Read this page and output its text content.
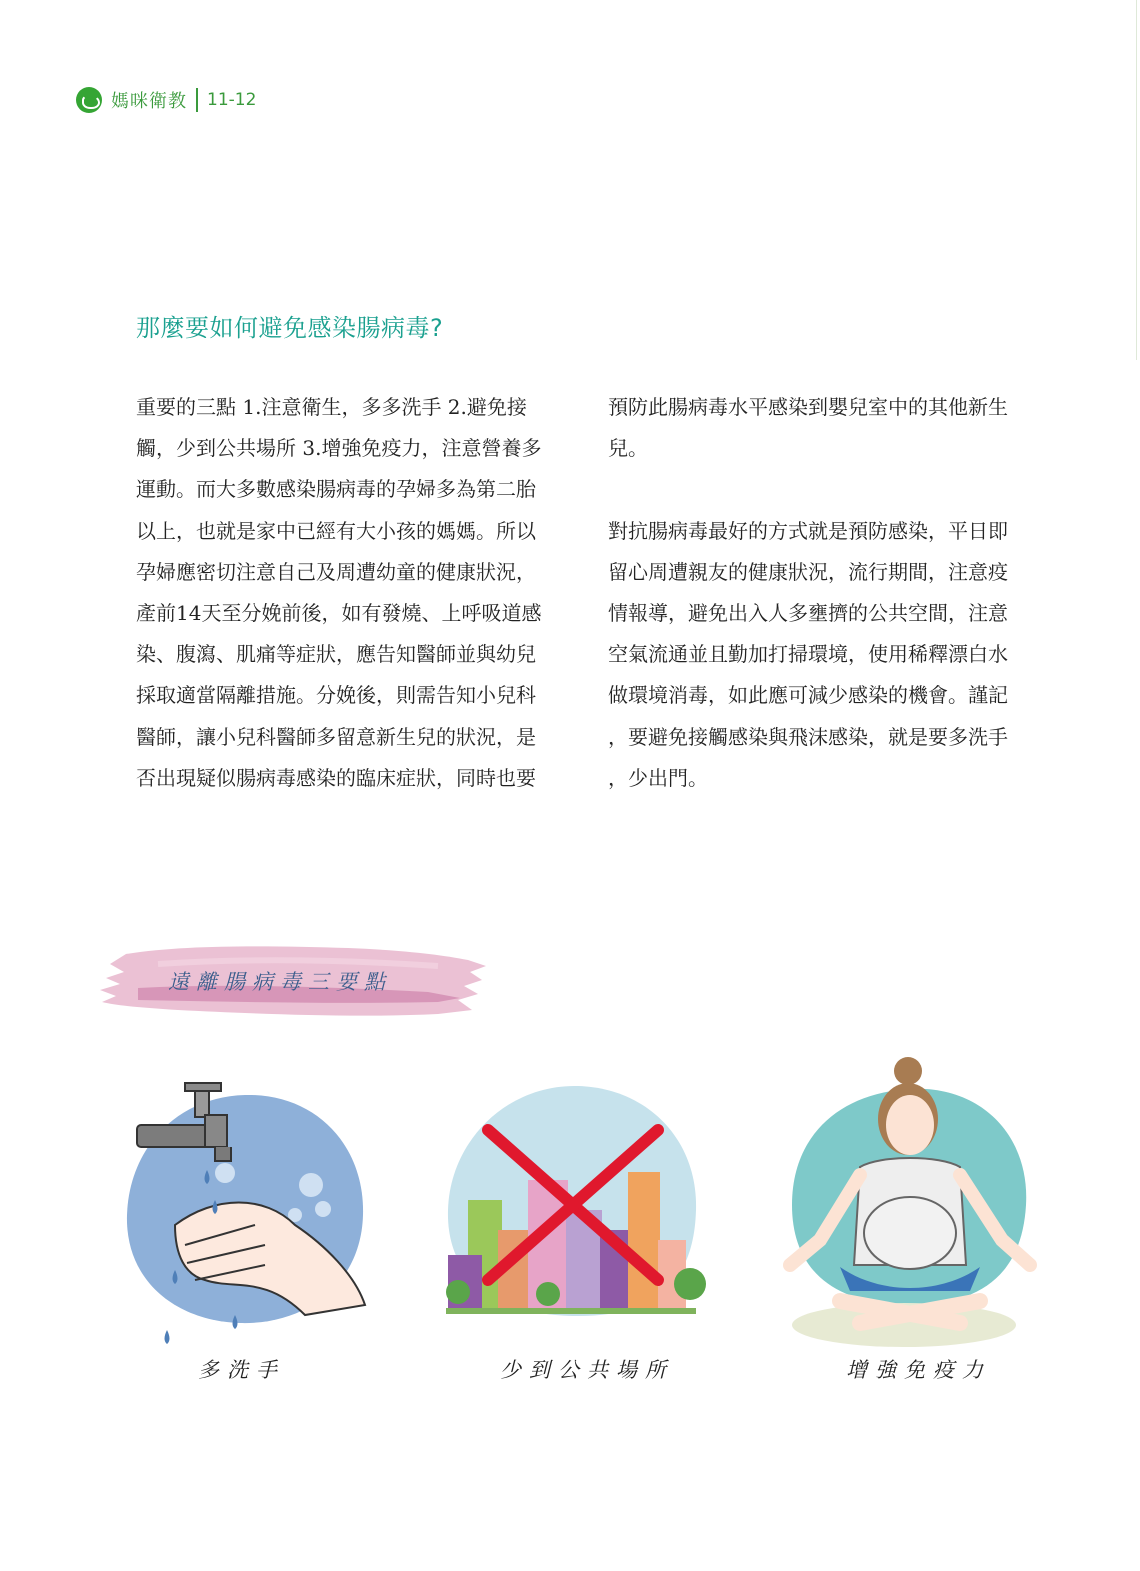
媽咪衛教 11-12
那麼要如何避免感染腸病毒?

重要的三點 1.注意衛生，多多洗手 2.避免接

觸，少到公共場所 3.增強免疫力，注意營養多

運動。而大多數感染腸病毒的孕婦多為第二胎

以上，也就是家中已經有大小孩的媽媽。所以

孕婦應密切注意自己及周遭幼童的健康狀況，

產前14天至分娩前後，如有發燒、上呼吸道感

染、腹瀉、肌痛等症狀，應告知醫師並與幼兒

採取適當隔離措施。分娩後，則需告知小兒科

醫師，讓小兒科醫師多留意新生兒的狀況，是

否出現疑似腸病毒感染的臨床症狀，同時也要

預防此腸病毒水平感染到嬰兒室中的其他新生

兒。

對抗腸病毒最好的方式就是預防感染，平日即

留心周遭親友的健康狀況，流行期間，注意疫

情報導，避免出入人多壅擠的公共空間，注意

空氣流通並且勤加打掃環境，使用稀釋漂白水

做環境消毒，如此應可減少感染的機會。謹記

，要避免接觸感染與飛沫感染，就是要多洗手

，少出門。

遠離腸病毒三要點
多洗手	少到公共場所	增強免疫力
